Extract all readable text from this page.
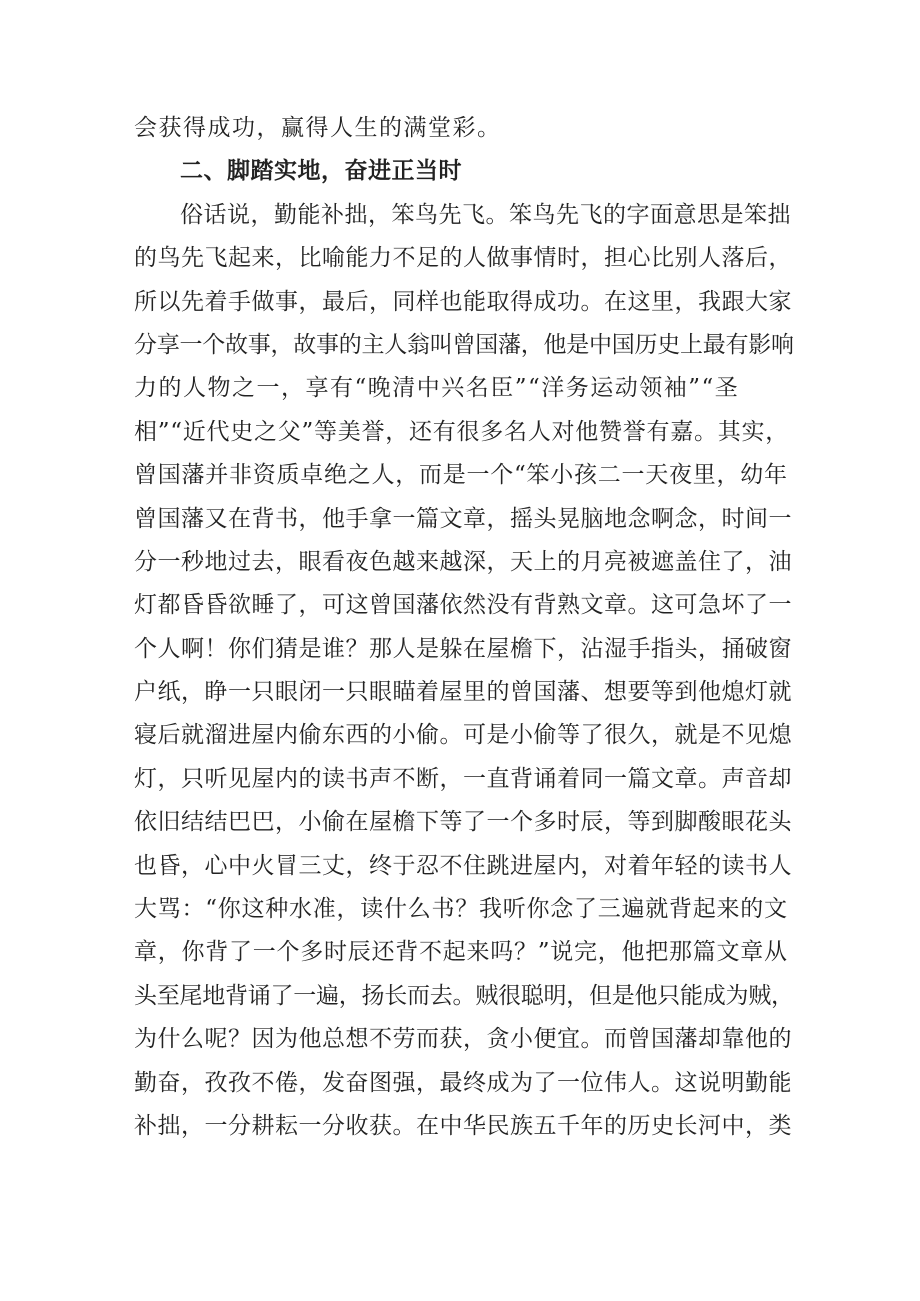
会获得成功，赢得人生的满堂彩。
二、脚踏实地，奋进正当时
俗话说，勤能补拙，笨鸟先飞。笨鸟先飞的字面意思是笨拙
的鸟先飞起来，比喻能力不足的人做事情时，担心比别人落后，
所以先着手做事，最后，同样也能取得成功。在这里，我跟大家
分享一个故事，故事的主人翁叫曾国藩，他是中国历史上最有影响
力的人物之一，享有“晚清中兴名臣”“洋务运动领袖”“圣
相”“近代史之父”等美誉，还有很多名人对他赞誉有嘉。其实，
曾国藩并非资质卓绝之人，而是一个“笨小孩二一天夜里，幼年
曾国藩又在背书，他手拿一篇文章，摇头晃脑地念啊念，时间一
分一秒地过去，眼看夜色越来越深，天上的月亮被遮盖住了，油
灯都昏昏欲睡了，可这曾国藩依然没有背熟文章。这可急坏了一
个人啊！你们猜是谁？那人是躲在屋檐下，沾湿手指头，捅破窗
户纸，睁一只眼闭一只眼瞄着屋里的曾国藩、想要等到他熄灯就
寝后就溜进屋内偷东西的小偷。可是小偷等了很久，就是不见熄
灯，只听见屋内的读书声不断，一直背诵着同一篇文章。声音却
依旧结结巴巴，小偷在屋檐下等了一个多时辰，等到脚酸眼花头
也昏，心中火冒三丈，终于忍不住跳进屋内，对着年轻的读书人
大骂：“你这种水准，读什么书？我听你念了三遍就背起来的文
章，你背了一个多时辰还背不起来吗？”说完，他把那篇文章从
头至尾地背诵了一遍，扬长而去。贼很聪明，但是他只能成为贼，
为什么呢？因为他总想不劳而获，贪小便宜。而曾国藩却靠他的
勤奋，孜孜不倦，发奋图强，最终成为了一位伟人。这说明勤能
补拙，一分耕耘一分收获。在中华民族五千年的历史长河中，类
